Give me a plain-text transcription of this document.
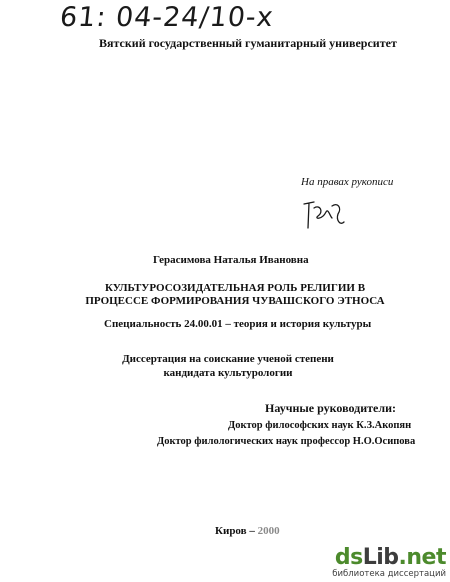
61: 04-24/10-x
Вятский государственный гуманитарный университет
На правах рукописи
Герасимова Наталья Ивановна
КУЛЬТУРОСОЗИДАТЕЛЬНАЯ РОЛЬ РЕЛИГИИ В
ПРОЦЕССЕ ФОРМИРОВАНИЯ ЧУВАШСКОГО ЭТНОСА
Специальность 24.00.01 – теория и история культуры
Диссертация на соискание ученой степени
кандидата культурологии
Научные руководители:
Доктор философских наук К.З.Акопян
Доктор филологических наук профессор Н.О.Осипова
Киров – 2000
dsLib.net
библиотека диссертаций
